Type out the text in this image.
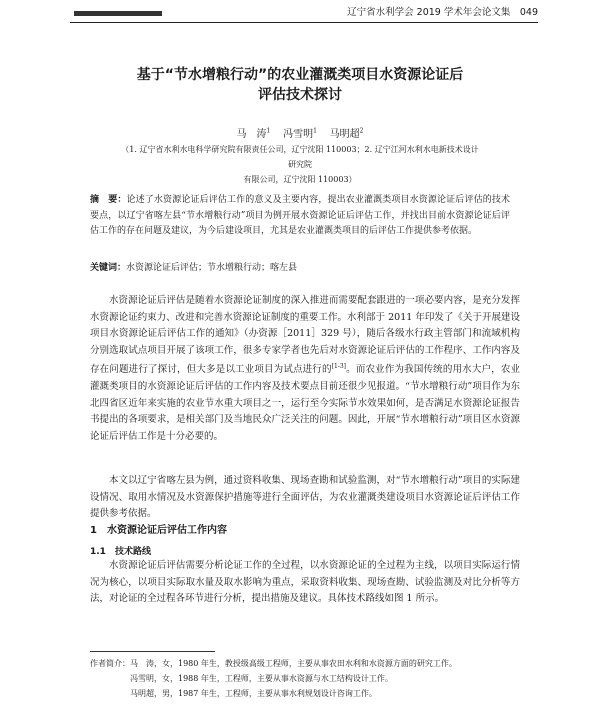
辽宁省水利学会 2019 学术年会论文集　049
基于“节水增粮行动”的农业灌溉类项目水资源论证后
评估技术探讨
马　涛$^1$ 冯雪明$^1$ 马明超$^2$
（1. 辽宁省水利水电科学研究院有限责任公司，辽宁沈阳 110003；2. 辽宁江河水利水电新技术设计研究院
有限公司，辽宁沈阳 110003）
摘　要：论述了水资源论证后评估工作的意义及主要内容，提出农业灌溉类项目水资源论证后评估的技术要点，以辽宁省喀左县“节水增粮行动”项目为例开展水资源论证后评估工作，并找出目前水资源论证后评估工作的存在问题及建议，为今后建设项目，尤其是农业灌溉类项目的后评估工作提供参考依据。
关键词：水资源论证后评估；节水增粮行动；喀左县

水资源论证后评估是随着水资源论证制度的深入推进而需要配套跟进的一项必要内容，是充分发挥水资源论证约束力、改进和完善水资源论证制度的重要工作。水利部于 2011 年印发了《关于开展建设项目水资源论证后评估工作的通知》（办资源［2011］329 号），随后各级水行政主管部门和流域机构分别选取试点项目开展了该项工作，很多专家学者也先后对水资源论证后评估的工作程序、工作内容及存在问题进行了探讨，但大多是以工业项目为试点进行的[1-3]。而农业作为我国传统的用水大户，农业灌溉类项目的水资源论证后评估的工作内容及技术要点目前还很少见报道。“节水增粮行动”项目作为东北四省区近年来实施的农业节水重大项目之一，运行至今实际节水效果如何，是否满足水资源论证报告书提出的各项要求，是相关部门及当地民众广泛关注的问题。因此，开展“节水增粮行动”项目区水资源论证后评估工作是十分必要的。

本文以辽宁省喀左县为例，通过资料收集、现场查勘和试验监测，对“节水增粮行动”项目的实际建设情况、取用水情况及水资源保护措施等进行全面评估，为农业灌溉类建设项目水资源论证后评估工作提供参考依据。

1　水资源论证后评估工作内容
1.1　技术路线

水资源论证后评估需要分析论证工作的全过程，以水资源论证的全过程为主线，以项目实际运行情况为核心，以项目实际取水量及取水影响为重点，采取资料收集、现场查勘、试验监测及对比分析等方法，对论证的全过程各环节进行分析，提出措施及建议。具体技术路线如图 1 所示。

作者简介：马　涛，女，1980 年生，教授级高级工程师，主要从事农田水利和水资源方面的研究工作。
冯雪明，女，1988 年生，工程师，主要从事水资源与水工结构设计工作。
马明超，男，1987 年生，工程师，主要从事水利规划设计咨询工作。
